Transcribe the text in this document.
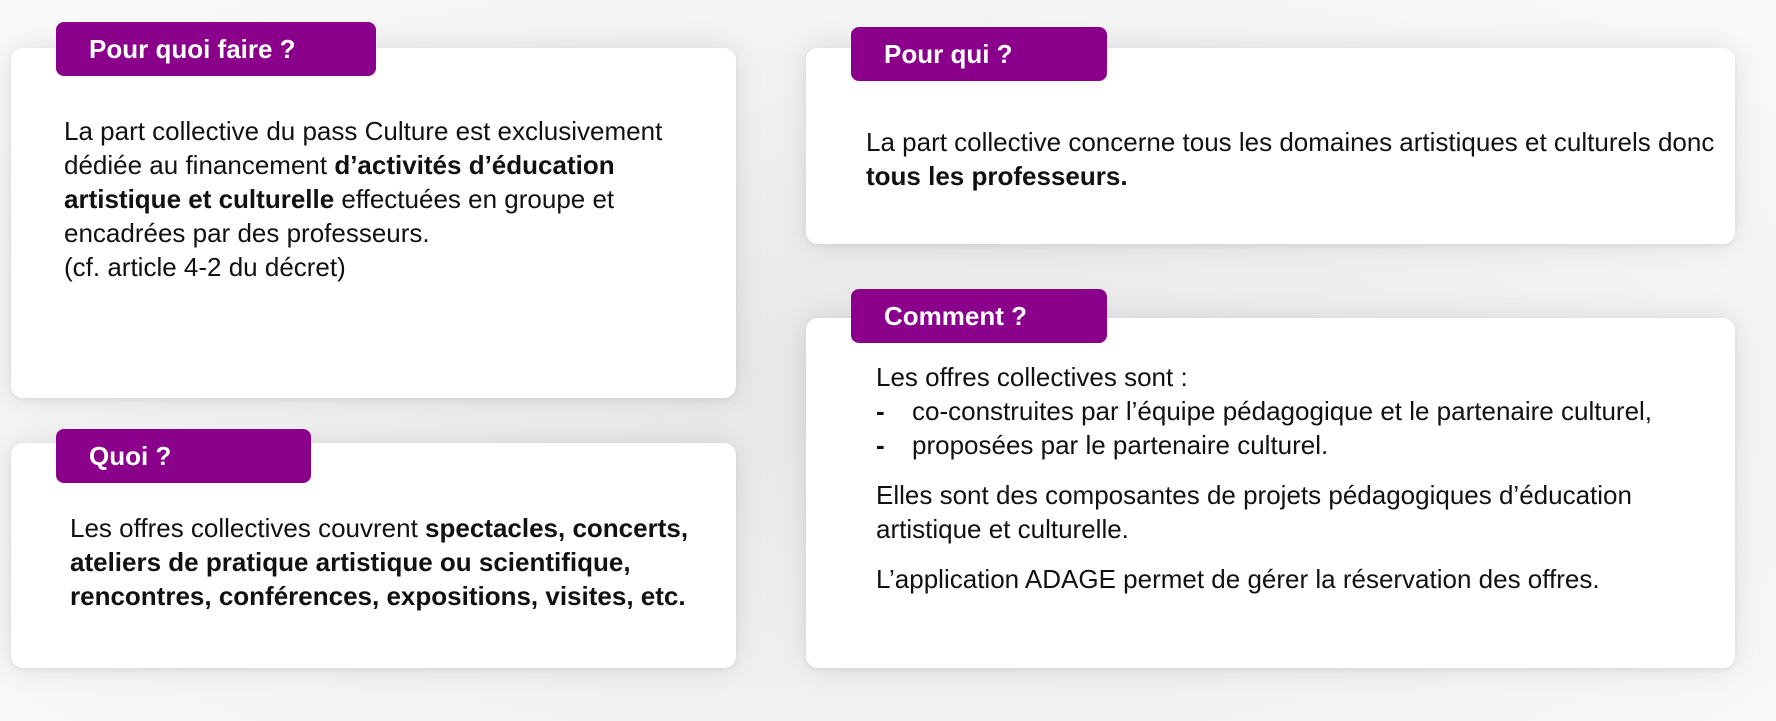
Pour quoi faire ?
La part collective du pass Culture est exclusivement dédiée au financement d’activités d’éducation artistique et culturelle effectuées en groupe et encadrées par des professeurs.
(cf. article 4-2 du décret)
Pour qui ?
La part collective concerne tous les domaines artistiques et culturels donc tous les professeurs.
Quoi ?
Les offres collectives couvrent spectacles, concerts, ateliers de pratique artistique ou scientifique, rencontres, conférences, expositions, visites, etc.
Comment ?
Les offres collectives sont :
- co-construites par l’équipe pédagogique et le partenaire culturel,
- proposées par le partenaire culturel.
Elles sont des composantes de projets pédagogiques d’éducation artistique et culturelle.
L’application ADAGE permet de gérer la réservation des offres.
